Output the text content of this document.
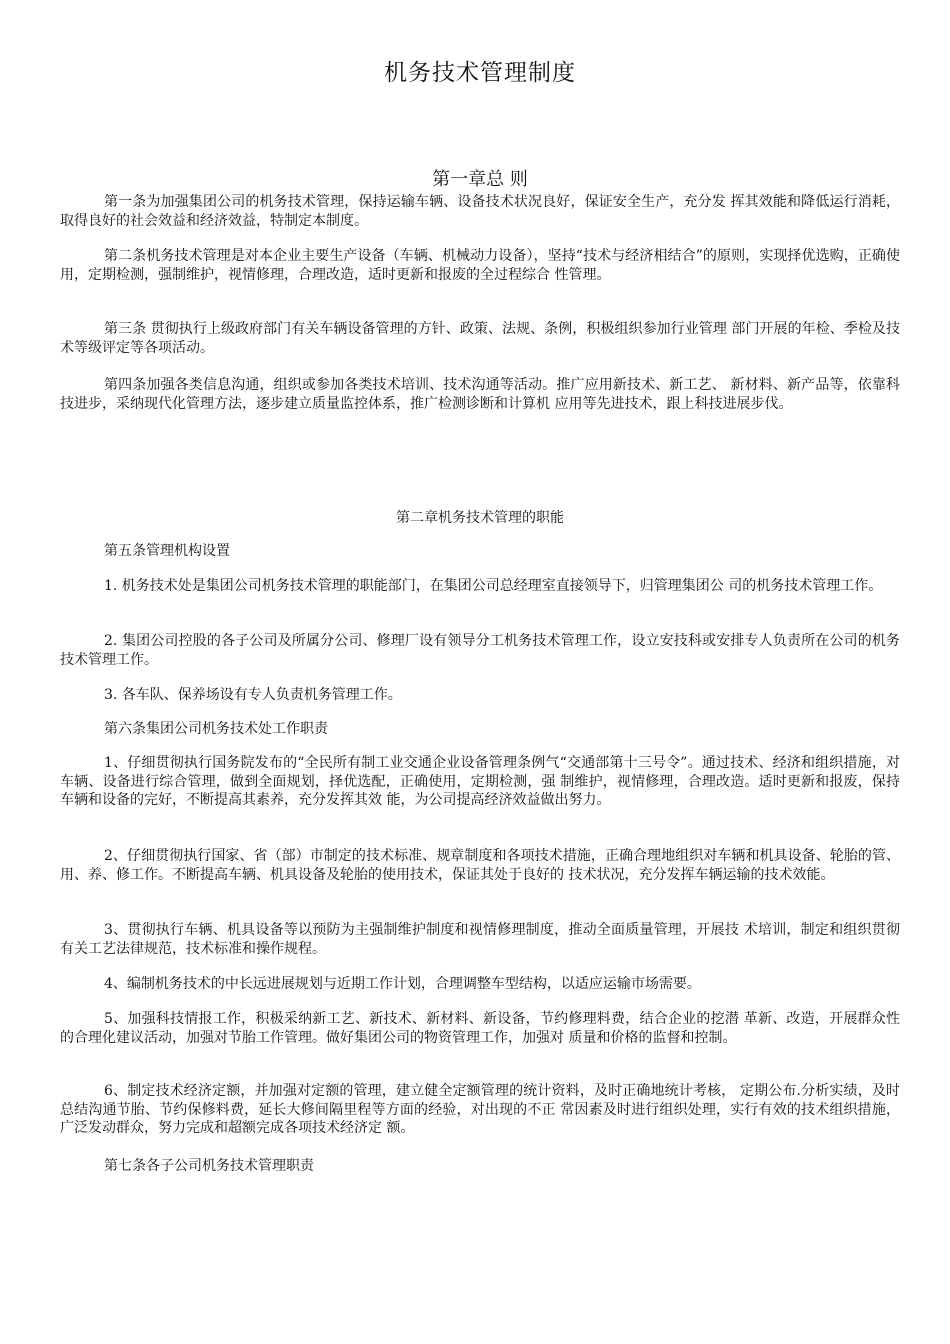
机务技术管理制度
第一章总 则

第一条为加强集团公司的机务技术管理，保持运输车辆、设备技术状况良好，保证安全生产，充分发 挥其效能和降低运行消耗，取得良好的社会效益和经济效益，特制定本制度。

第二条机务技术管理是对本企业主要生产设备（车辆、机械动力设备），坚持“技术与经济相结合”的原则，实现择优选购，正确使用，定期检测，强制维护，视情修理，合理改造，适时更新和报废的全过程综合 性管理。

第三条 贯彻执行上级政府部门有关车辆设备管理的方针、政策、法规、条例，积极组织参加行业管理 部门开展的年检、季检及技术等级评定等各项活动。

第四条加强各类信息沟通，组织或参加各类技术培训、技术沟通等活动。推广应用新技术、新工艺、 新材料、新产品等，依靠科技进步，采纳现代化管理方法，逐步建立质量监控体系，推广检测诊断和计算机 应用等先进技术，跟上科技进展步伐。

第二章机务技术管理的职能

第五条管理机构设置

1. 机务技术处是集团公司机务技术管理的职能部门，在集团公司总经理室直接领导下，归管理集团公 司的机务技术管理工作。

2. 集团公司控股的各子公司及所属分公司、修理厂设有领导分工机务技术管理工作，设立安技科或安排专人负责所在公司的机务技术管理工作。

3. 各车队、保养场设有专人负责机务管理工作。

第六条集团公司机务技术处工作职责

1、仔细贯彻执行国务院发布的“全民所有制工业交通企业设备管理条例气“交通部第十三号令”。通过技术、经济和组织措施，对车辆、设备进行综合管理，做到全面规划，择优选配，正确使用，定期检测，强 制维护，视情修理，合理改造。适时更新和报废，保持车辆和设备的完好，不断提高其素养，充分发挥其效 能，为公司提高经济效益做出努力。

2、仔细贯彻执行国家、省（部）市制定的技术标准、规章制度和各项技术措施，正确合理地组织对车辆和机具设备、轮胎的管、用、养、修工作。不断提高车辆、机具设备及轮胎的使用技术，保证其处于良好的 技术状况，充分发挥车辆运输的技术效能。

3、贯彻执行车辆、机具设备等以预防为主强制维护制度和视情修理制度，推动全面质量管理，开展技 术培训，制定和组织贯彻有关工艺法律规范，技术标准和操作规程。

4、编制机务技术的中长远进展规划与近期工作计划，合理调整车型结构，以适应运输市场需要。

5、加强科技情报工作，积极采纳新工艺、新技术、新材料、新设备，节约修理料费，结合企业的挖潜 革新、改造，开展群众性的合理化建议活动，加强对节胎工作管理。做好集团公司的物资管理工作，加强对 质量和价格的监督和控制。

6、制定技术经济定额，并加强对定额的管理，建立健全定额管理的统计资料，及时正确地统计考核， 定期公布.分析实绩，及时总结沟通节胎、节约保修料费，延长大修间隔里程等方面的经验，对出现的不正 常因素及时进行组织处理，实行有效的技术组织措施，广泛发动群众，努力完成和超额完成各项技术经济定 额。

第七条各子公司机务技术管理职责
